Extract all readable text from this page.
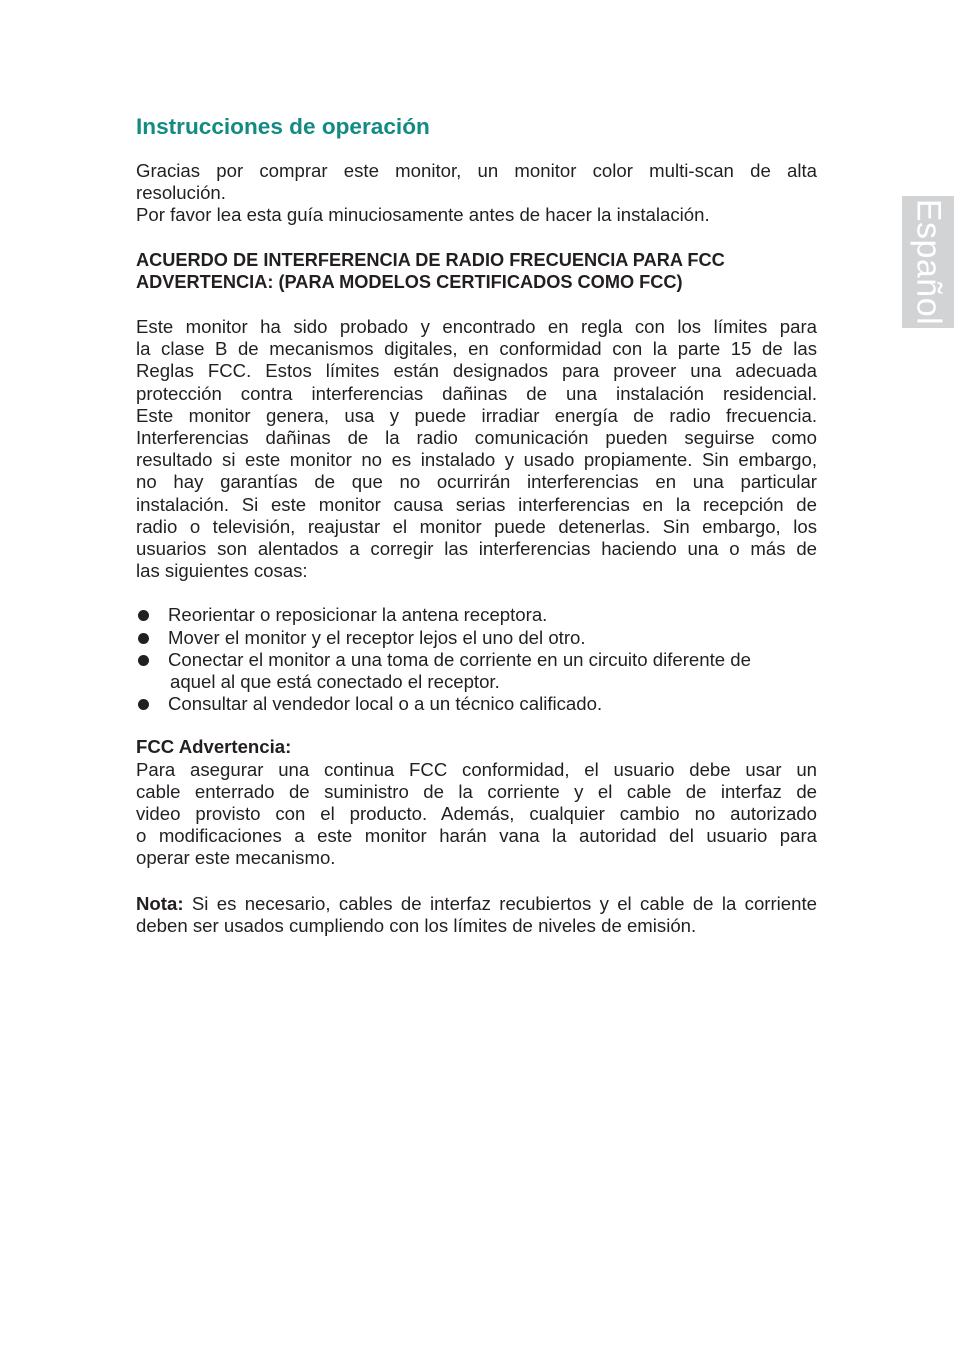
Español
Instrucciones de operación

Gracias por comprar este monitor, un monitor color multi-scan de alta

resolución.

Por favor lea esta guía minuciosamente antes de hacer la instalación.

ACUERDO DE INTERFERENCIA DE RADIO FRECUENCIA PARA FCC

ADVERTENCIA: (PARA MODELOS CERTIFICADOS COMO FCC)

Este monitor ha sido probado y encontrado en regla con los límites para
la clase B de mecanismos digitales, en conformidad con la parte 15 de las
Reglas FCC. Estos límites están designados para proveer una adecuada
protección contra interferencias dañinas de una instalación residencial.
Este monitor genera, usa y puede irradiar energía de radio frecuencia.
Interferencias dañinas de la radio comunicación pueden seguirse como
resultado si este monitor no es instalado y usado propiamente. Sin embargo,
no hay garantías de que no ocurrirán interferencias en una particular
instalación. Si este monitor causa serias interferencias en la recepción de
radio o televisión, reajustar el monitor puede detenerlas. Sin embargo, los
usuarios son alentados a corregir las interferencias haciendo una o más de
las siguientes cosas:
Reorientar o reposicionar la antena receptora.
Mover el monitor y el receptor lejos el uno del otro.
Conectar el monitor a una toma de corriente en un circuito diferente de
aquel al que está conectado el receptor.
Consultar al vendedor local o a un técnico calificado.

FCC Advertencia:

Para asegurar una continua FCC conformidad, el usuario debe usar un
cable enterrado de suministro de la corriente y el cable de interfaz de
video provisto con el producto. Además, cualquier cambio no autorizado
o modificaciones a este monitor harán vana la autoridad del usuario para
operar este mecanismo.
Nota: Si es necesario, cables de interfaz recubiertos y el cable de la corriente
deben ser usados cumpliendo con los límites de niveles de emisión.
